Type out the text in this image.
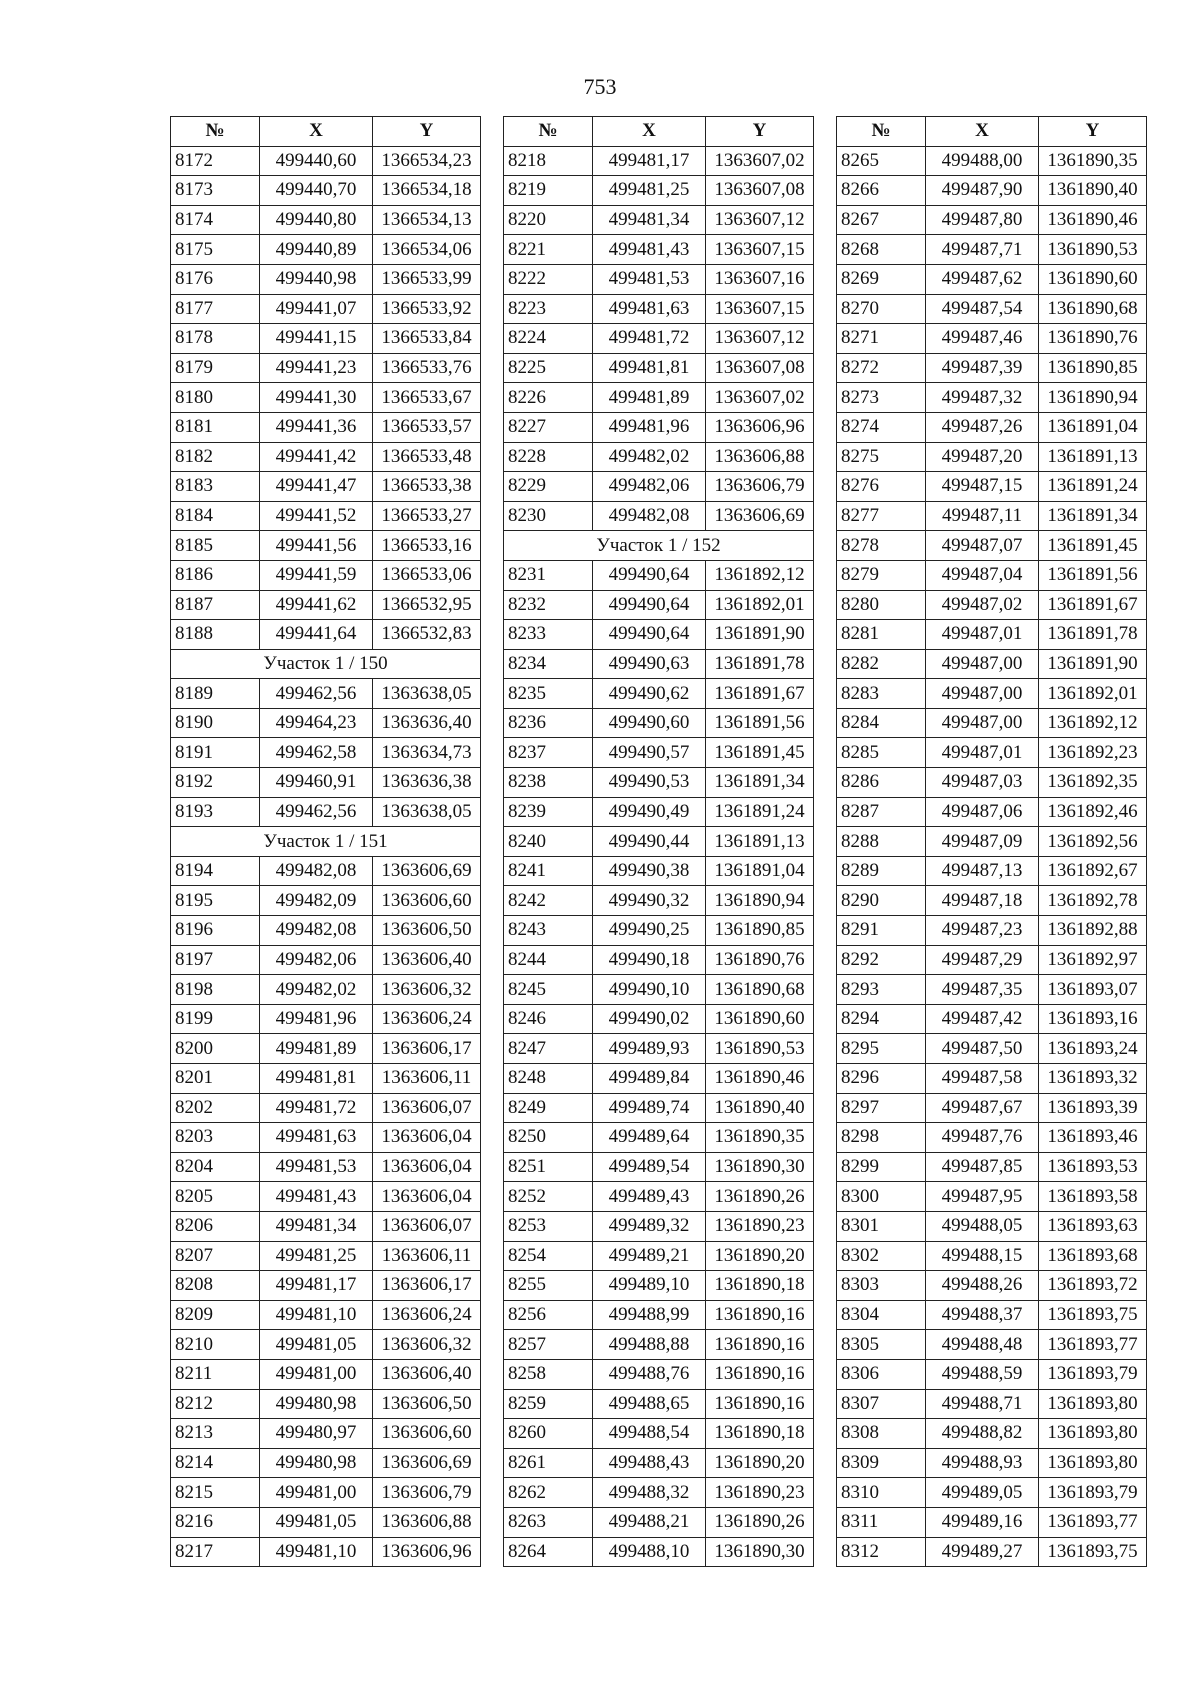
753
№	X	Y
8172	499440,60	1366534,23
8173	499440,70	1366534,18
8174	499440,80	1366534,13
8175	499440,89	1366534,06
8176	499440,98	1366533,99
8177	499441,07	1366533,92
8178	499441,15	1366533,84
8179	499441,23	1366533,76
8180	499441,30	1366533,67
8181	499441,36	1366533,57
8182	499441,42	1366533,48
8183	499441,47	1366533,38
8184	499441,52	1366533,27
8185	499441,56	1366533,16
8186	499441,59	1366533,06
8187	499441,62	1366532,95
8188	499441,64	1366532,83
Участок 1 / 150		
8189	499462,56	1363638,05
8190	499464,23	1363636,40
8191	499462,58	1363634,73
8192	499460,91	1363636,38
8193	499462,56	1363638,05
Участок 1 / 151		
8194	499482,08	1363606,69
8195	499482,09	1363606,60
8196	499482,08	1363606,50
8197	499482,06	1363606,40
8198	499482,02	1363606,32
8199	499481,96	1363606,24
8200	499481,89	1363606,17
8201	499481,81	1363606,11
8202	499481,72	1363606,07
8203	499481,63	1363606,04
8204	499481,53	1363606,04
8205	499481,43	1363606,04
8206	499481,34	1363606,07
8207	499481,25	1363606,11
8208	499481,17	1363606,17
8209	499481,10	1363606,24
8210	499481,05	1363606,32
8211	499481,00	1363606,40
8212	499480,98	1363606,50
8213	499480,97	1363606,60
8214	499480,98	1363606,69
8215	499481,00	1363606,79
8216	499481,05	1363606,88
8217	499481,10	1363606,96
№	X	Y
8218	499481,17	1363607,02
8219	499481,25	1363607,08
8220	499481,34	1363607,12
8221	499481,43	1363607,15
8222	499481,53	1363607,16
8223	499481,63	1363607,15
8224	499481,72	1363607,12
8225	499481,81	1363607,08
8226	499481,89	1363607,02
8227	499481,96	1363606,96
8228	499482,02	1363606,88
8229	499482,06	1363606,79
8230	499482,08	1363606,69
Участок 1 / 152		
8231	499490,64	1361892,12
8232	499490,64	1361892,01
8233	499490,64	1361891,90
8234	499490,63	1361891,78
8235	499490,62	1361891,67
8236	499490,60	1361891,56
8237	499490,57	1361891,45
8238	499490,53	1361891,34
8239	499490,49	1361891,24
8240	499490,44	1361891,13
8241	499490,38	1361891,04
8242	499490,32	1361890,94
8243	499490,25	1361890,85
8244	499490,18	1361890,76
8245	499490,10	1361890,68
8246	499490,02	1361890,60
8247	499489,93	1361890,53
8248	499489,84	1361890,46
8249	499489,74	1361890,40
8250	499489,64	1361890,35
8251	499489,54	1361890,30
8252	499489,43	1361890,26
8253	499489,32	1361890,23
8254	499489,21	1361890,20
8255	499489,10	1361890,18
8256	499488,99	1361890,16
8257	499488,88	1361890,16
8258	499488,76	1361890,16
8259	499488,65	1361890,16
8260	499488,54	1361890,18
8261	499488,43	1361890,20
8262	499488,32	1361890,23
8263	499488,21	1361890,26
8264	499488,10	1361890,30
№	X	Y
8265	499488,00	1361890,35
8266	499487,90	1361890,40
8267	499487,80	1361890,46
8268	499487,71	1361890,53
8269	499487,62	1361890,60
8270	499487,54	1361890,68
8271	499487,46	1361890,76
8272	499487,39	1361890,85
8273	499487,32	1361890,94
8274	499487,26	1361891,04
8275	499487,20	1361891,13
8276	499487,15	1361891,24
8277	499487,11	1361891,34
8278	499487,07	1361891,45
8279	499487,04	1361891,56
8280	499487,02	1361891,67
8281	499487,01	1361891,78
8282	499487,00	1361891,90
8283	499487,00	1361892,01
8284	499487,00	1361892,12
8285	499487,01	1361892,23
8286	499487,03	1361892,35
8287	499487,06	1361892,46
8288	499487,09	1361892,56
8289	499487,13	1361892,67
8290	499487,18	1361892,78
8291	499487,23	1361892,88
8292	499487,29	1361892,97
8293	499487,35	1361893,07
8294	499487,42	1361893,16
8295	499487,50	1361893,24
8296	499487,58	1361893,32
8297	499487,67	1361893,39
8298	499487,76	1361893,46
8299	499487,85	1361893,53
8300	499487,95	1361893,58
8301	499488,05	1361893,63
8302	499488,15	1361893,68
8303	499488,26	1361893,72
8304	499488,37	1361893,75
8305	499488,48	1361893,77
8306	499488,59	1361893,79
8307	499488,71	1361893,80
8308	499488,82	1361893,80
8309	499488,93	1361893,80
8310	499489,05	1361893,79
8311	499489,16	1361893,77
8312	499489,27	1361893,75
